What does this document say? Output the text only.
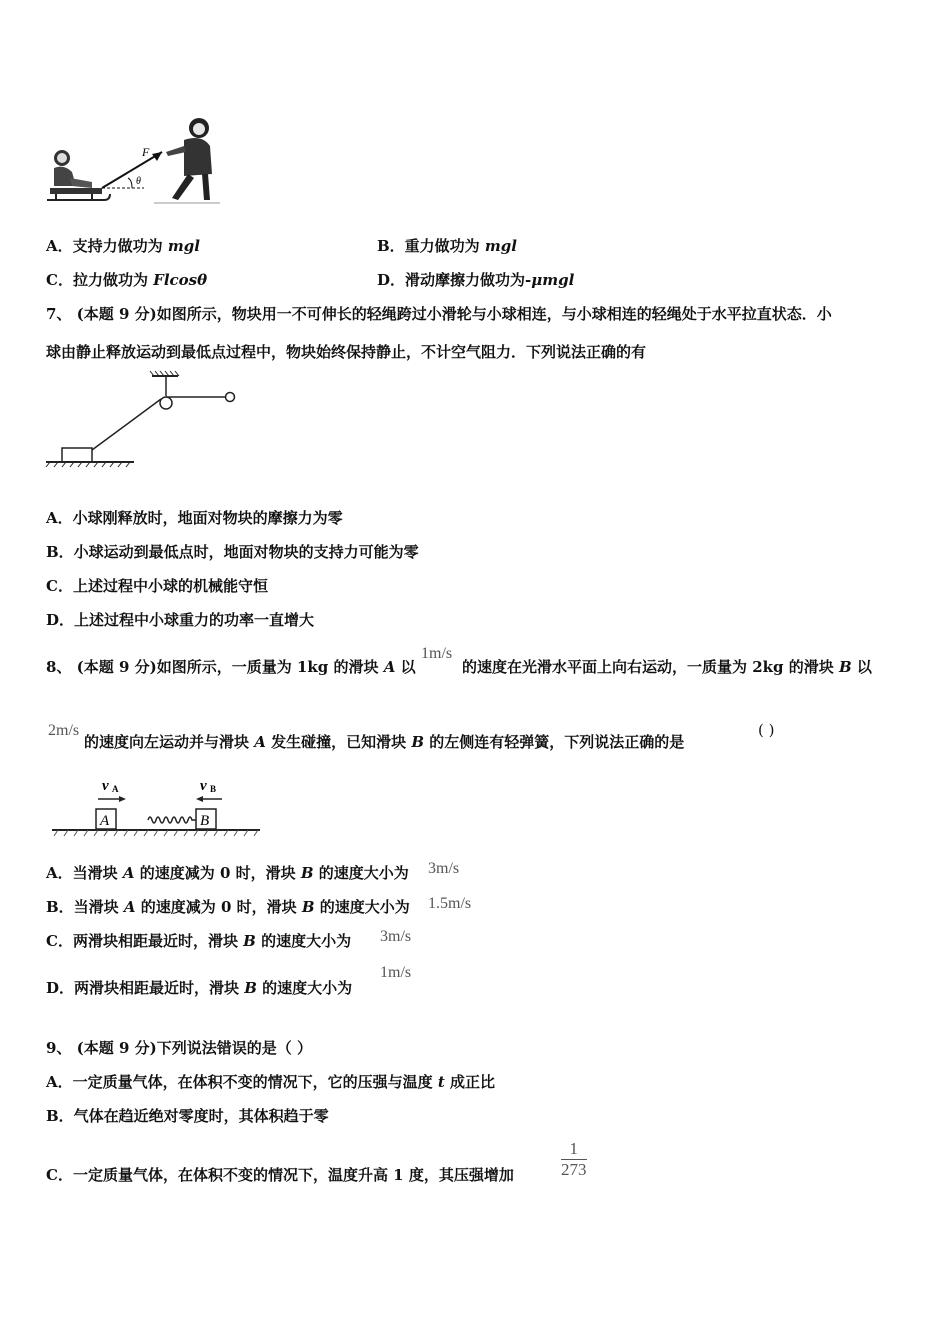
F
θ
A．支持力做功为 mgl	B．重力做功为 mgl
C．拉力做功为 Flcosθ	D．滑动摩擦力做功为-μmgl
7、 (本题 9 分)如图所示，物块用一不可伸长的轻绳跨过小滑轮与小球相连，与小球相连的轻绳处于水平拉直状态．小
球由静止释放运动到最低点过程中，物块始终保持静止，不计空气阻力．下列说法正确的有
A．小球刚释放时，地面对物块的摩擦力为零
B．小球运动到最低点时，地面对物块的支持力可能为零
C．上述过程中小球的机械能守恒
D．上述过程中小球重力的功率一直增大
8、 (本题 9 分)如图所示，一质量为 1kg 的滑块 A 以
1m/s
的速度在光滑水平面上向右运动，一质量为 2kg 的滑块 B 以
2m/s
的速度向左运动并与滑块 A 发生碰撞，已知滑块 B 的左侧连有轻弹簧，下列说法正确的是
( )
v A	v B
A	B
A．当滑块 A 的速度减为 0 时，滑块 B 的速度大小为 3m/s
B．当滑块 A 的速度减为 0 时，滑块 B 的速度大小为 1.5m/s
C．两滑块相距最近时，滑块 B 的速度大小为 3m/s
D．两滑块相距最近时，滑块 B 的速度大小为
1m/s
9、 (本题 9 分)下列说法错误的是（ ）
A．一定质量气体，在体积不变的情况下，它的压强与温度 t 成正比
B．气体在趋近绝对零度时，其体积趋于零
C．一定质量气体，在体积不变的情况下，温度升高 1 度，其压强增加	$\frac{1}{273}$
